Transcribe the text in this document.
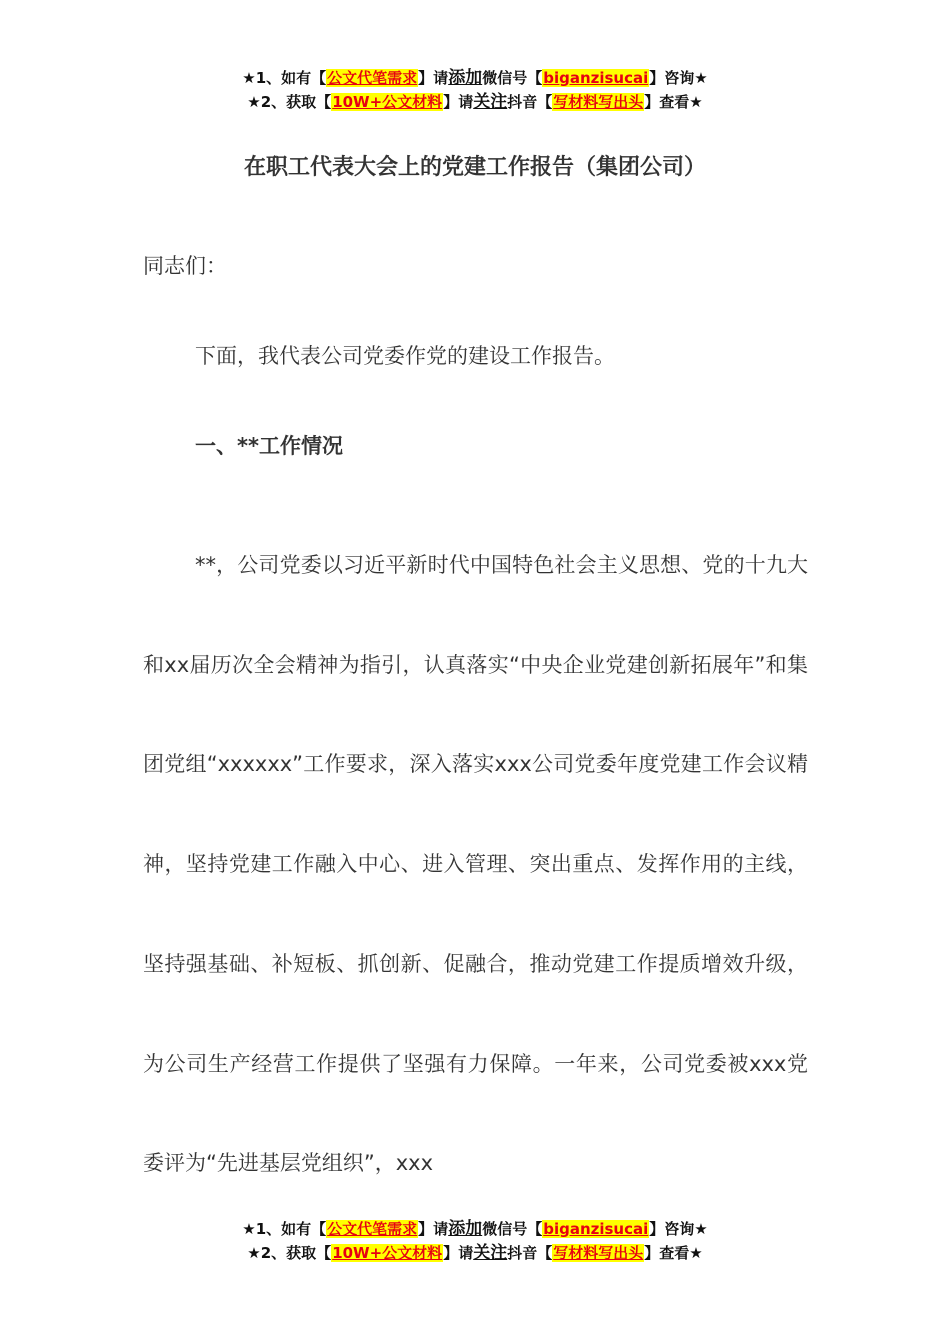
★1、如有【公文代笔需求】请添加微信号【biganzisucai】咨询★
★2、获取【10W+公文材料】请关注抖音【写材料写出头】查看★
在职工代表大会上的党建工作报告（集团公司）
同志们：
下面，我代表公司党委作党的建设工作报告。
一、**工作情况
**，公司党委以习近平新时代中国特色社会主义思想、党的十九大和xx届历次全会精神为指引，认真落实“中央企业党建创新拓展年”和集团党组“xxxxxx”工作要求，深入落实xxx公司党委年度党建工作会议精神，坚持党建工作融入中心、进入管理、突出重点、发挥作用的主线，坚持强基础、补短板、抓创新、促融合，推动党建工作提质增效升级，为公司生产经营工作提供了坚强有力保障。一年来，公司党委被xxx党委评为“先进基层党组织”，xxx
★1、如有【公文代笔需求】请添加微信号【biganzisucai】咨询★
★2、获取【10W+公文材料】请关注抖音【写材料写出头】查看★
